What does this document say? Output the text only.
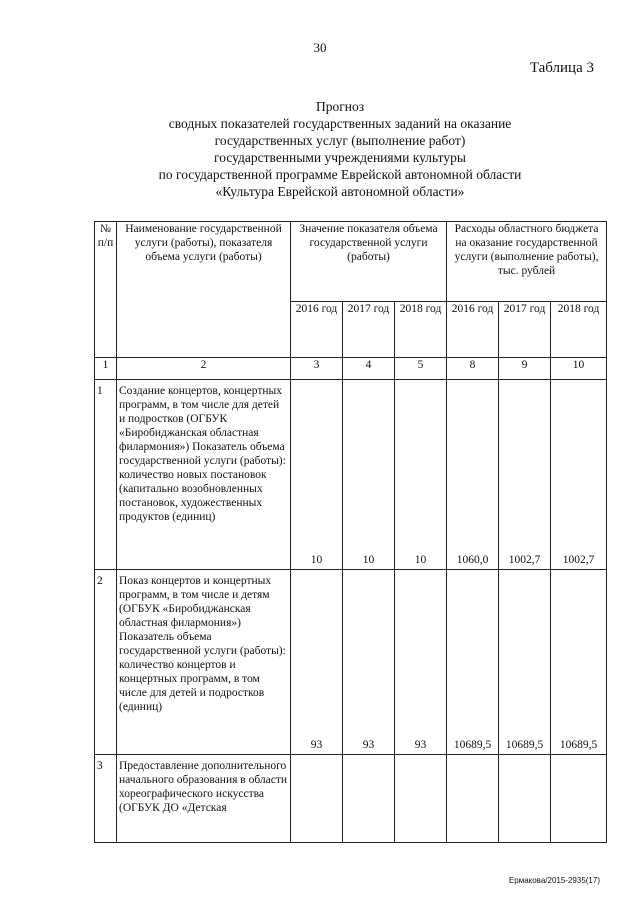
30
Таблица 3
Прогноз
сводных показателей государственных заданий на оказание
государственных услуг (выполнение работ)
государственными учреждениями культуры
по государственной программе Еврейской автономной области
«Культура Еврейской автономной области»
№ п/п	Наименование государственной услуги (работы), показателя объема услуги (работы)	Значение показателя объема государственной услуги (работы)			Расходы областного бюджета на оказание государственной услуги (выполнение работы), тыс. рублей		
		2016 год	2017 год	2018 год	2016 год	2017 год	2018 год
1	2	3	4	5	8	9	10
1	Создание концертов, концертных программ, в том числе для детей и подростков (ОГБУК «Биробиджанская областная филармония») Показатель объема государственной услуги (работы): количество новых постановок (капитально возобновленных постановок, художественных продуктов (единиц)	10	10	10	1060,0	1002,7	1002,7
2	Показ концертов и концертных программ, в том числе и детям (ОГБУК «Биробиджанская областная филармония») Показатель объема государственной услуги (работы): количество концертов и концертных программ, в том числе для детей и подростков (единиц)	93	93	93	10689,5	10689,5	10689,5
3	Предоставление дополнительного начального образования в области хореографического искусства (ОГБУК ДО «Детская						
Ермакова/2015-2935(17)
